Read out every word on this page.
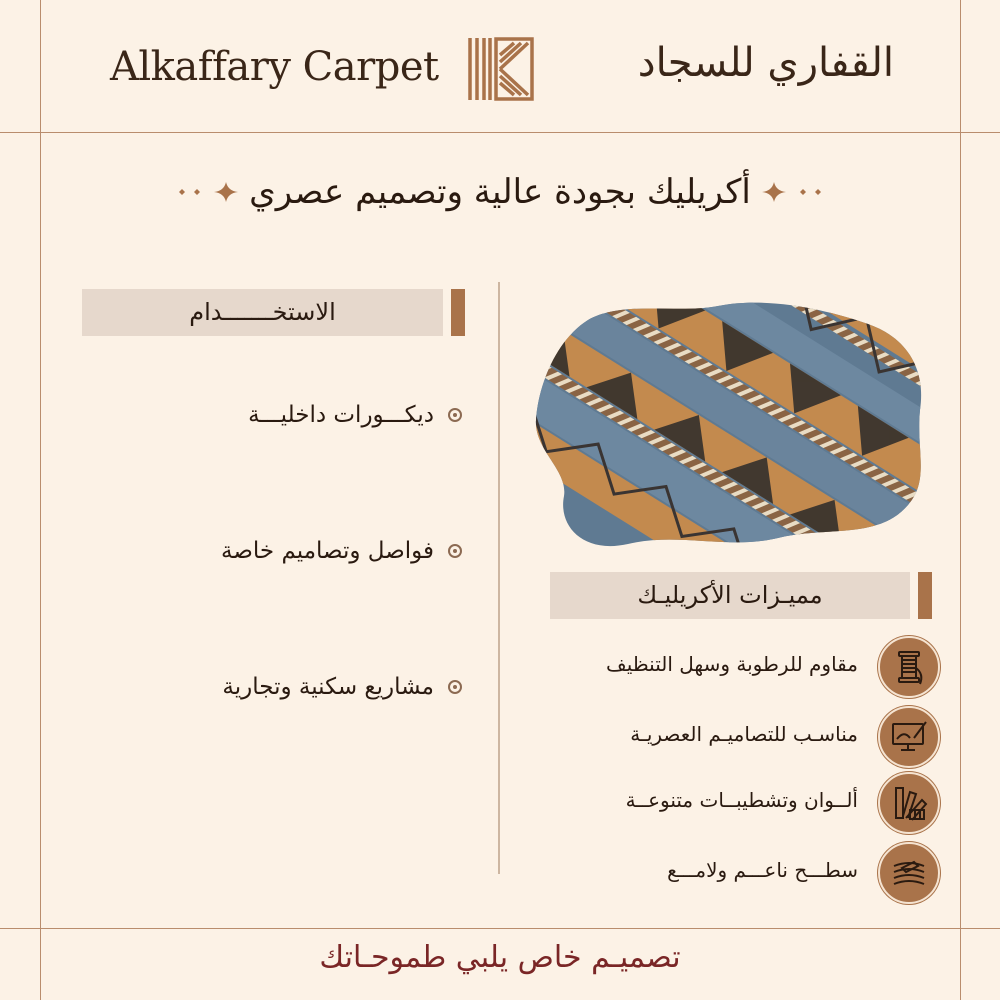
Alkaffary Carpet	القفاري للسجاد
أكريليك بجودة عالية وتصميم عصري
الاستخـــــــدام
ديكـــورات داخليـــة
فواصل وتصاميم خاصة
مشاريع سكنية وتجارية
مميـزات الأكريليـك
مقاوم للرطوبة وسهل التنظيف
مناسـب للتصاميـم العصريـة
ألــوان وتشطيبــات متنوعــة
سطـــح ناعـــم ولامـــع
تصميـم خاص يلبي طموحـاتك
